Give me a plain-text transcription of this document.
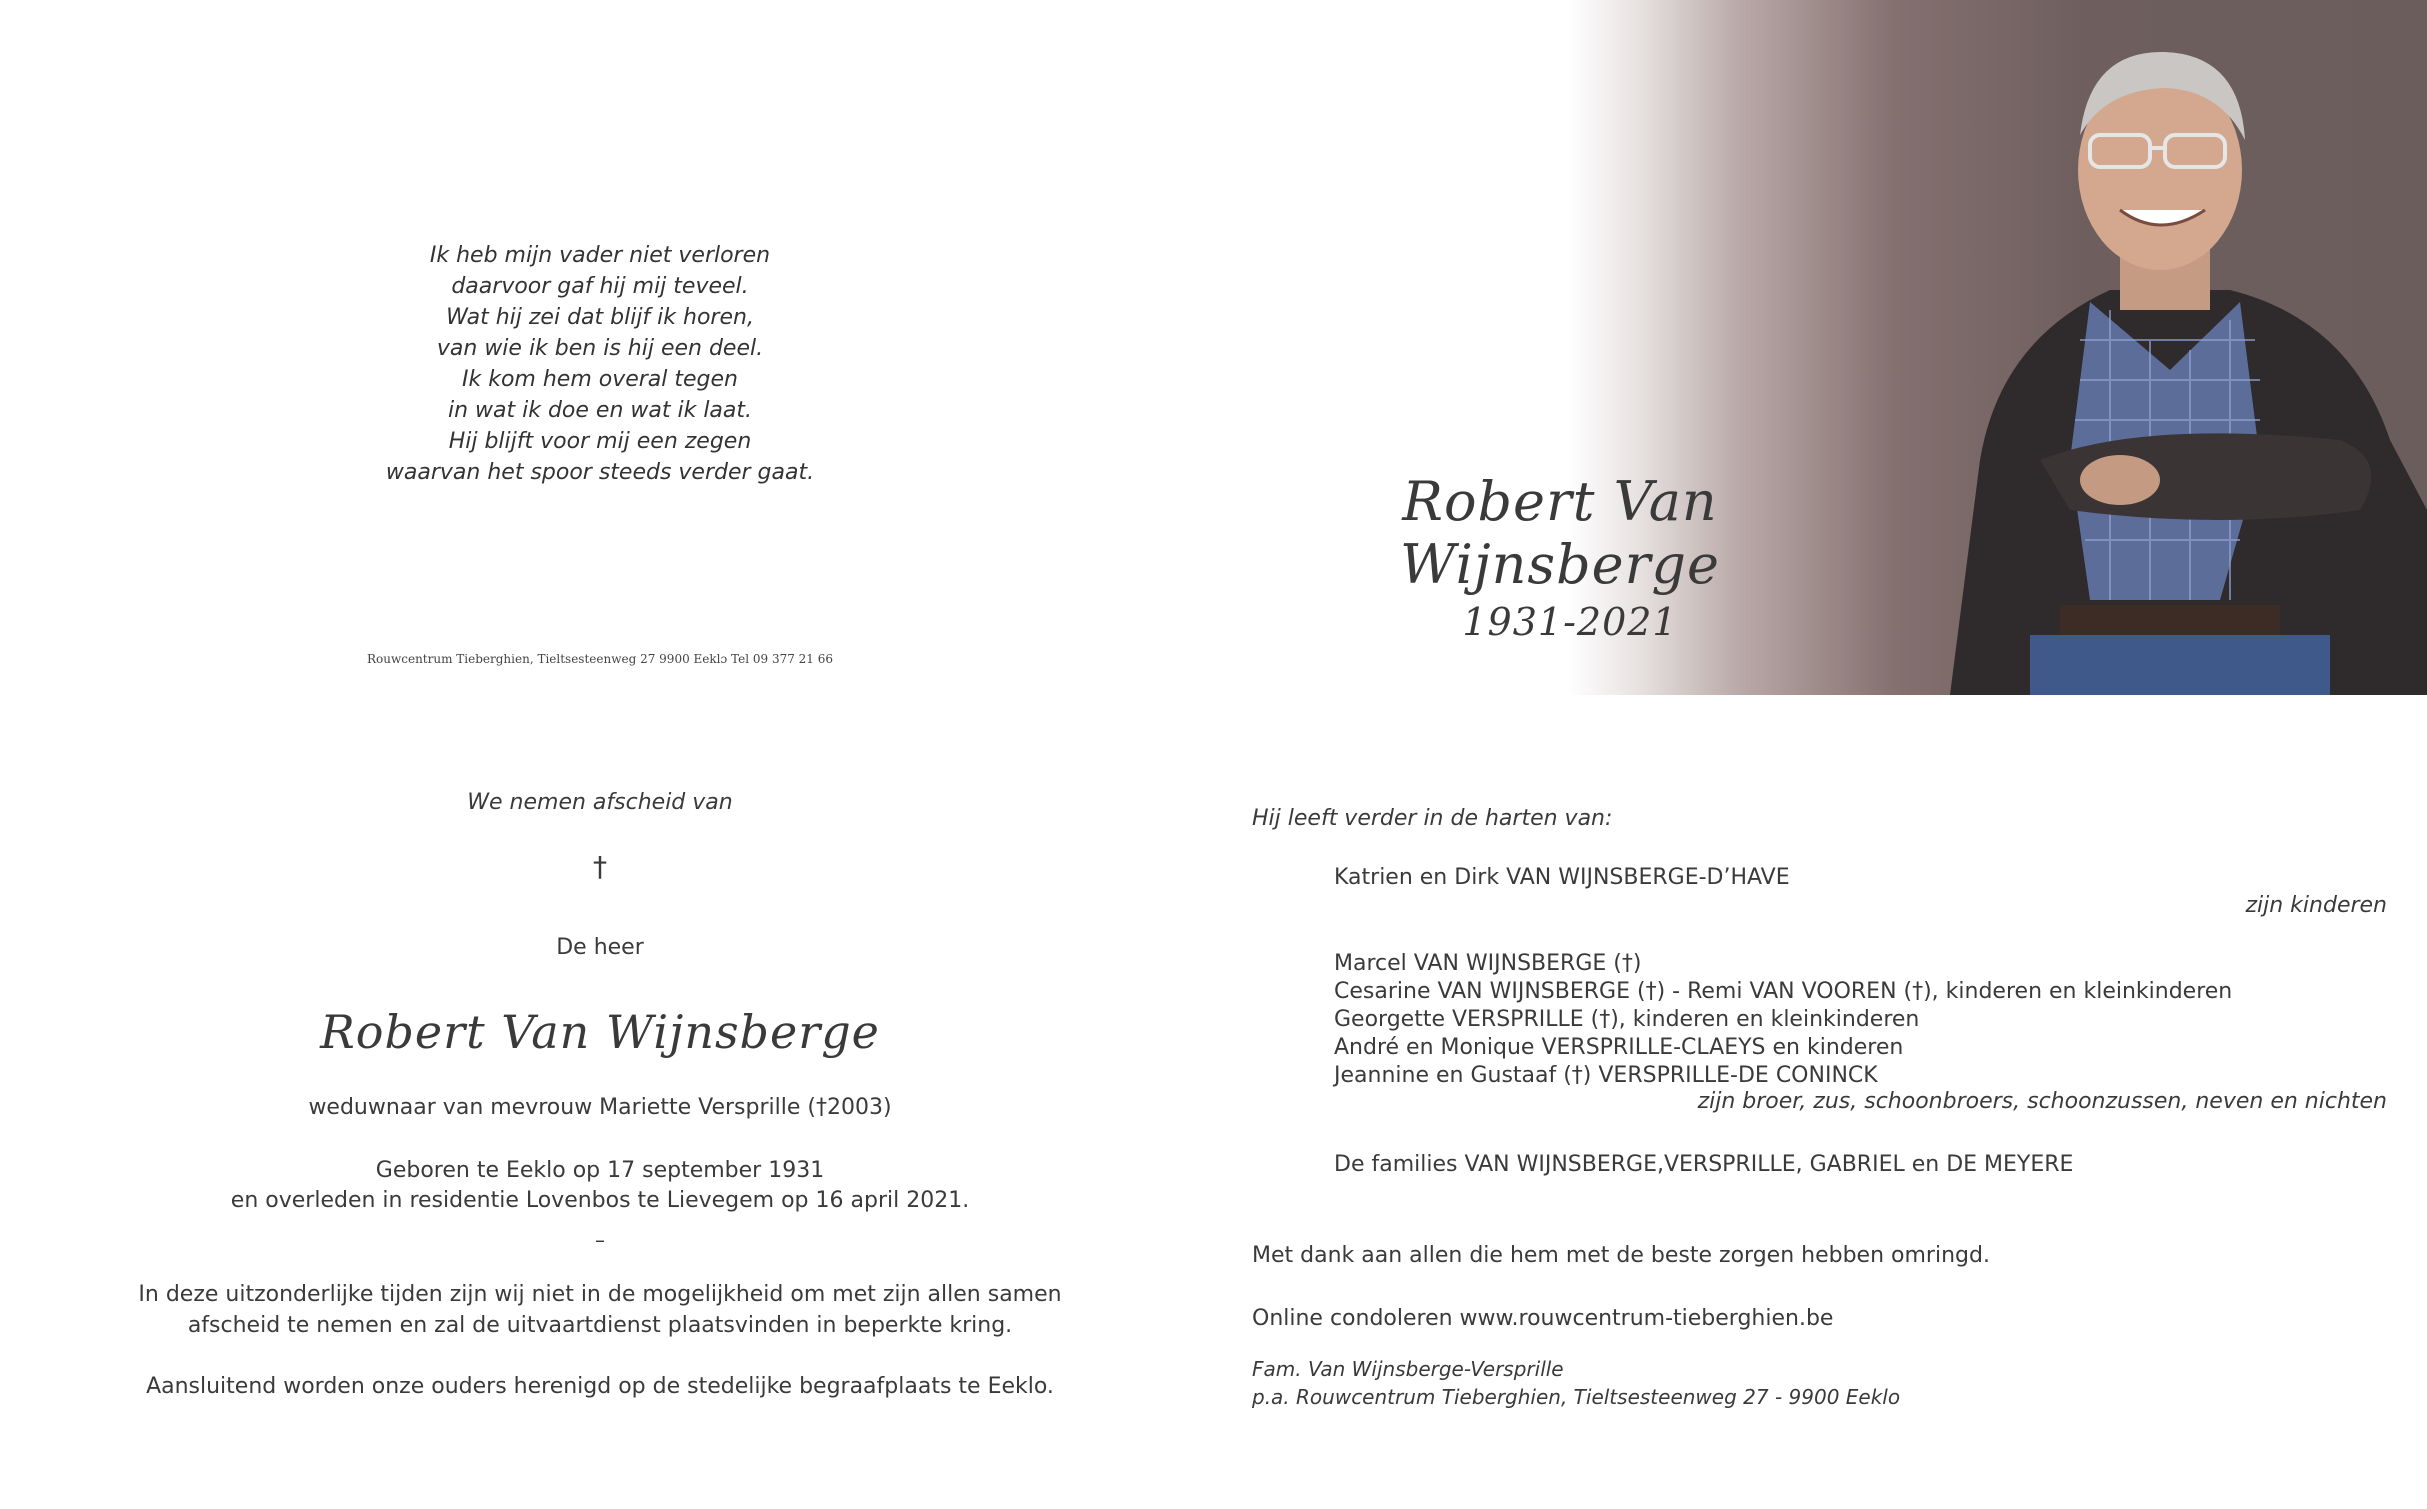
Ik heb mijn vader niet verloren
daarvoor gaf hij mij teveel.
Wat hij zei dat blijf ik horen,
van wie ik ben is hij een deel.
Ik kom hem overal tegen
in wat ik doe en wat ik laat.
Hij blijft voor mij een zegen
waarvan het spoor steeds verder gaat.
Rouwcentrum Tieberghien, Tieltsesteenweg 27 9900 Eeklɔ Tel 09 377 21 66
Robert Van Wijnsberge
1931-2021
We nemen afscheid van
†
De heer
Robert Van Wijnsberge
weduwnaar van mevrouw Mariette Versprille (†2003)
Geboren te Eeklo op 17 september 1931
en overleden in residentie Lovenbos te Lievegem op 16 april 2021.
–
In deze uitzonderlijke tijden zijn wij niet in de mogelijkheid om met zijn allen samen
afscheid te nemen en zal de uitvaartdienst plaatsvinden in beperkte kring.
Aansluitend worden onze ouders herenigd op de stedelijke begraafplaats te Eeklo.
Hij leeft verder in de harten van:
Katrien en Dirk VAN WIJNSBERGE-D’HAVE
zijn kinderen
Marcel VAN WIJNSBERGE (†)
Cesarine VAN WIJNSBERGE (†) - Remi VAN VOOREN (†), kinderen en kleinkinderen
Georgette VERSPRILLE (†), kinderen en kleinkinderen
André en Monique VERSPRILLE-CLAEYS en kinderen
Jeannine en Gustaaf (†) VERSPRILLE-DE CONINCK
zijn broer, zus, schoonbroers, schoonzussen, neven en nichten
De families VAN WIJNSBERGE,VERSPRILLE, GABRIEL en DE MEYERE
Met dank aan allen die hem met de beste zorgen hebben omringd.
Online condoleren www.rouwcentrum-tieberghien.be
Fam. Van Wijnsberge-Versprille
p.a. Rouwcentrum Tieberghien, Tieltsesteenweg 27 - 9900 Eeklo
